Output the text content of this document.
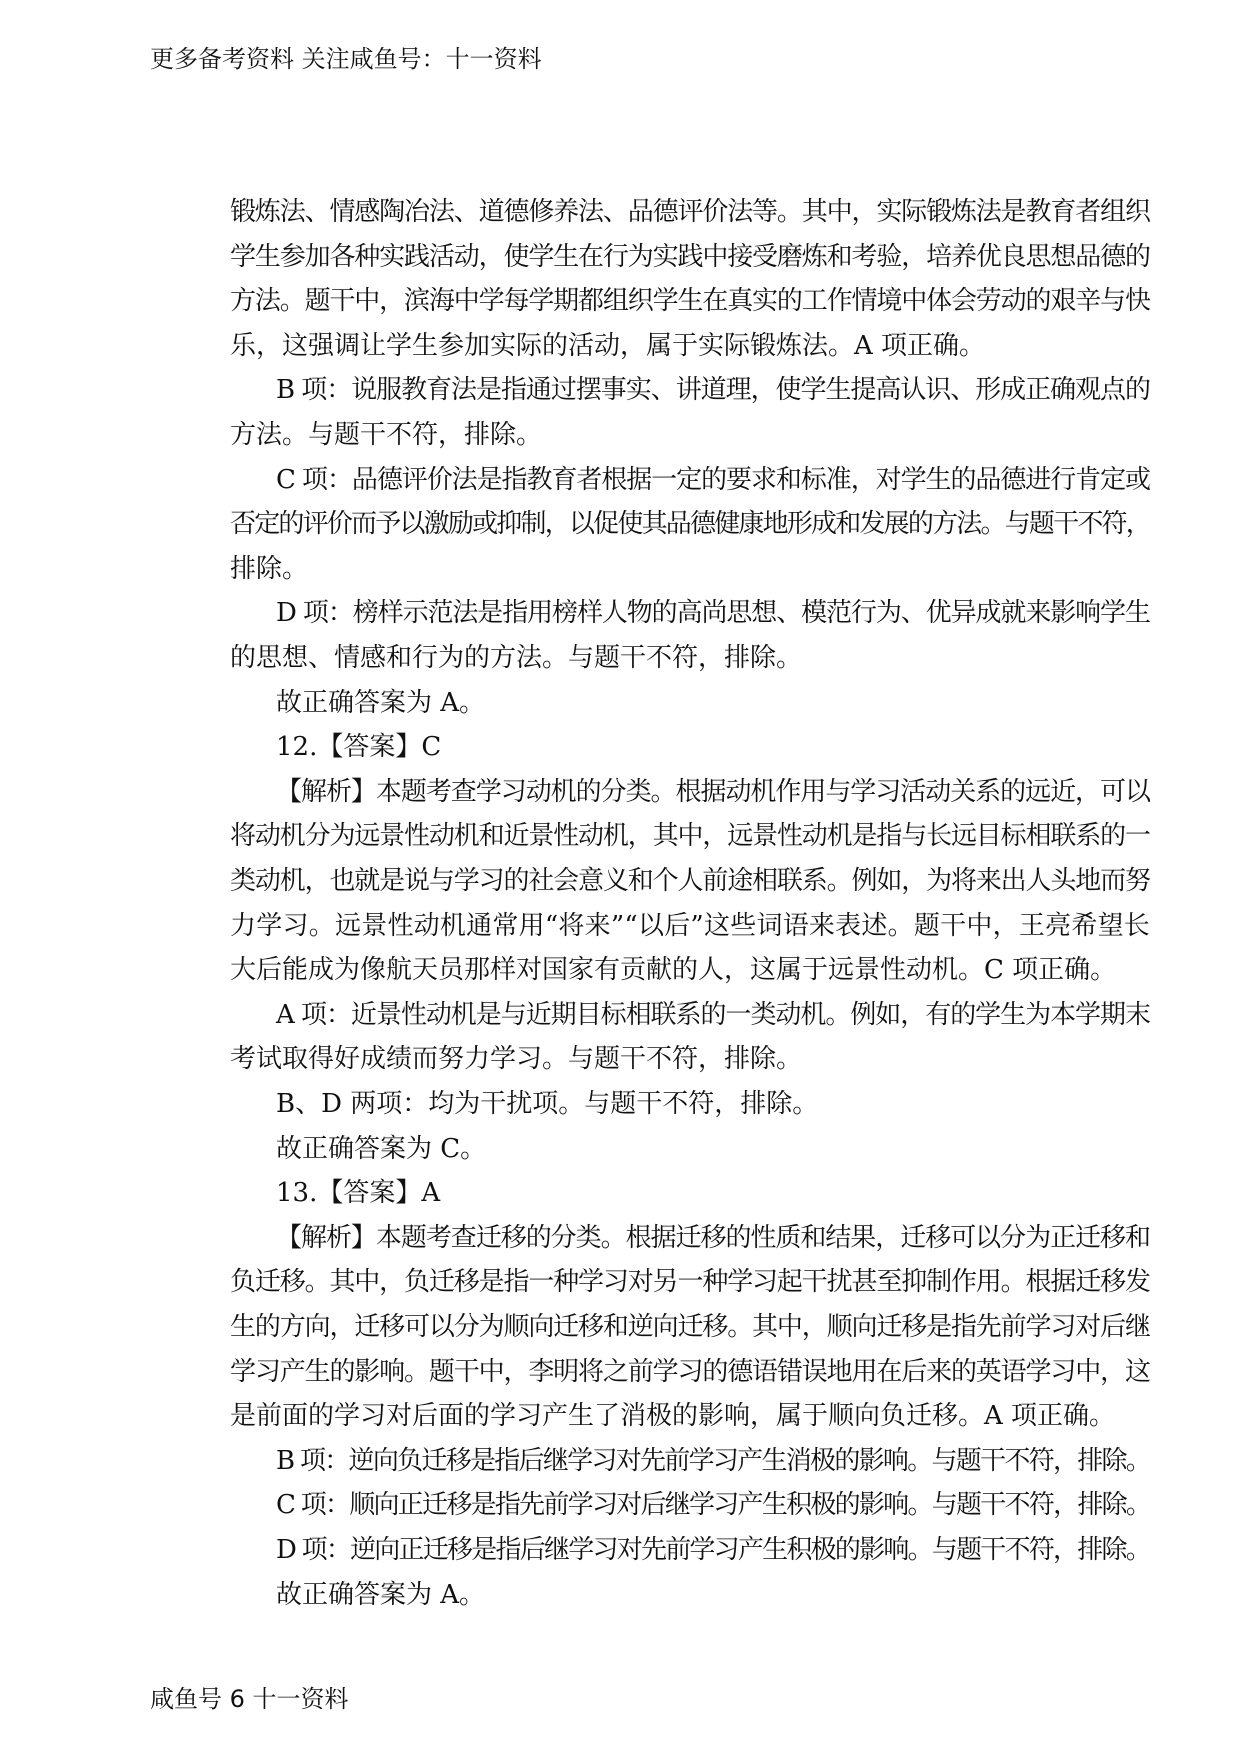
更多备考资料 关注咸鱼号：十一资料
锻炼法、情感陶冶法、道德修养法、品德评价法等。其中，实际锻炼法是教育者组织
学生参加各种实践活动，使学生在行为实践中接受磨炼和考验，培养优良思想品德的
方法。题干中，滨海中学每学期都组织学生在真实的工作情境中体会劳动的艰辛与快
乐，这强调让学生参加实际的活动，属于实际锻炼法。A 项正确。
B 项：说服教育法是指通过摆事实、讲道理，使学生提高认识、形成正确观点的
方法。与题干不符，排除。
C 项：品德评价法是指教育者根据一定的要求和标准，对学生的品德进行肯定或
否定的评价而予以激励或抑制，以促使其品德健康地形成和发展的方法。与题干不符，
排除。
D 项：榜样示范法是指用榜样人物的高尚思想、模范行为、优异成就来影响学生
的思想、情感和行为的方法。与题干不符，排除。
故正确答案为 A。
12.【答案】C
【解析】本题考查学习动机的分类。根据动机作用与学习活动关系的远近，可以
将动机分为远景性动机和近景性动机，其中，远景性动机是指与长远目标相联系的一
类动机，也就是说与学习的社会意义和个人前途相联系。例如，为将来出人头地而努
力学习。远景性动机通常用“将来”“以后”这些词语来表述。题干中，王亮希望长
大后能成为像航天员那样对国家有贡献的人，这属于远景性动机。C 项正确。
A 项：近景性动机是与近期目标相联系的一类动机。例如，有的学生为本学期末
考试取得好成绩而努力学习。与题干不符，排除。
B、D 两项：均为干扰项。与题干不符，排除。
故正确答案为 C。
13.【答案】A
【解析】本题考查迁移的分类。根据迁移的性质和结果，迁移可以分为正迁移和
负迁移。其中，负迁移是指一种学习对另一种学习起干扰甚至抑制作用。根据迁移发
生的方向，迁移可以分为顺向迁移和逆向迁移。其中，顺向迁移是指先前学习对后继
学习产生的影响。题干中，李明将之前学习的德语错误地用在后来的英语学习中，这
是前面的学习对后面的学习产生了消极的影响，属于顺向负迁移。A 项正确。
B 项：逆向负迁移是指后继学习对先前学习产生消极的影响。与题干不符，排除。
C 项：顺向正迁移是指先前学习对后继学习产生积极的影响。与题干不符，排除。
D 项：逆向正迁移是指后继学习对先前学习产生积极的影响。与题干不符，排除。
故正确答案为 A。
咸鱼号 6 十一资料
